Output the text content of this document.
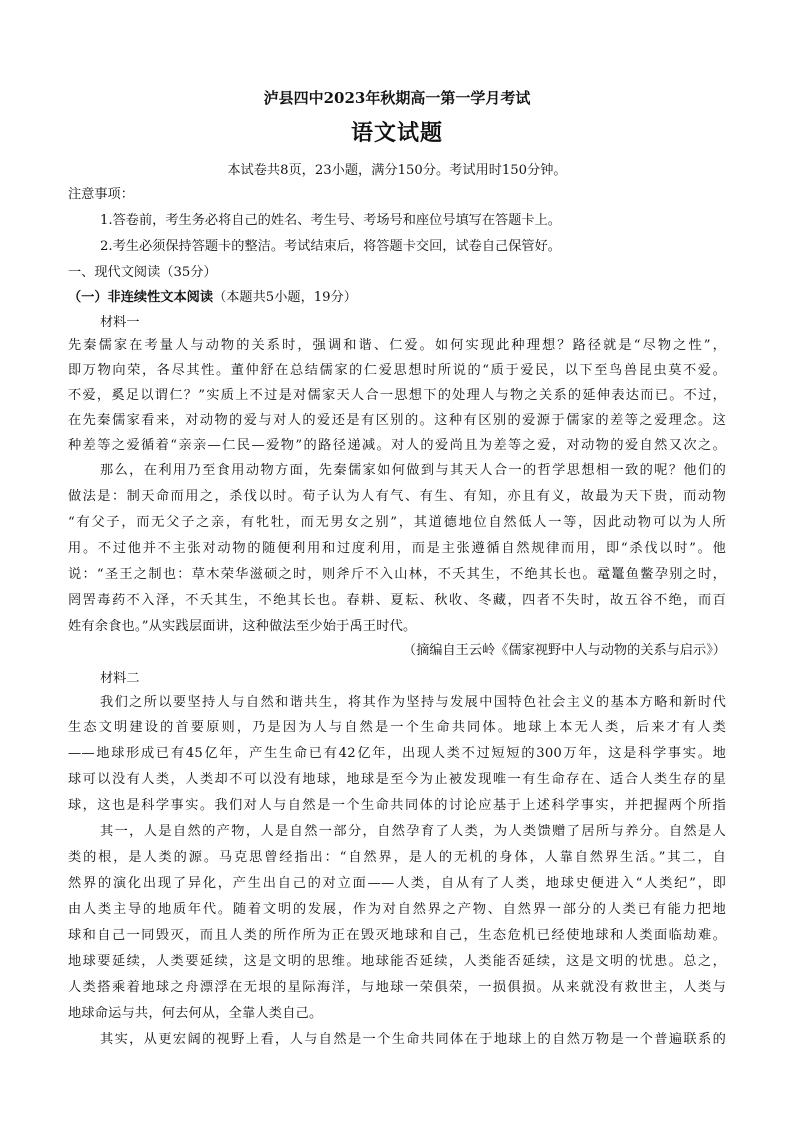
泸县四中2023年秋期高一第一学月考试

语文试题

本试卷共8页，23小题，满分150分。考试用时150分钟。

注意事项：

1.答卷前，考生务必将自己的姓名、考生号、考场号和座位号填写在答题卡上。

2.考生必须保持答题卡的整洁。考试结束后，将答题卡交回，试卷自己保管好。

一、现代文阅读（35分）

（一）非连续性文本阅读（本题共5小题，19分）

材料一

先秦儒家在考量人与动物的关系时，强调和谐、仁爱。如何实现此种理想？路径就是“尽物之性”，

即万物向荣，各尽其性。董仲舒在总结儒家的仁爱思想时所说的“质于爱民，以下至鸟兽昆虫莫不爱。

不爱，奚足以谓仁？”实质上不过是对儒家天人合一思想下的处理人与物之关系的延伸表达而已。不过，

在先秦儒家看来，对动物的爱与对人的爱还是有区别的。这种有区别的爱源于儒家的差等之爱理念。这

种差等之爱循着“亲亲—仁民—爱物”的路径递减。对人的爱尚且为差等之爱，对动物的爱自然又次之。

那么，在利用乃至食用动物方面，先秦儒家如何做到与其天人合一的哲学思想相一致的呢？他们的

做法是：制天命而用之，杀伐以时。荀子认为人有气、有生、有知，亦且有义，故最为天下贵，而动物

“有父子，而无父子之亲，有牝牡，而无男女之别”，其道德地位自然低人一等，因此动物可以为人所

用。不过他并不主张对动物的随便利用和过度利用，而是主张遵循自然规律而用，即“杀伐以时”。他

说：“圣王之制也：草木荣华滋硕之时，则斧斤不入山林，不夭其生，不绝其长也。鼋鼍鱼鳖孕别之时，

罔罟毒药不入泽，不夭其生，不绝其长也。春耕、夏耘、秋收、冬藏，四者不失时，故五谷不绝，而百

姓有余食也。”从实践层面讲，这种做法至少始于禹王时代。

（摘编自王云岭《儒家视野中人与动物的关系与启示》）

材料二

我们之所以要坚持人与自然和谐共生，将其作为坚持与发展中国特色社会主义的基本方略和新时代

生态文明建设的首要原则，乃是因为人与自然是一个生命共同体。地球上本无人类，后来才有人类

——地球形成已有45亿年，产生生命已有42亿年，出现人类不过短短的300万年，这是科学事实。地

球可以没有人类，人类却不可以没有地球，地球是至今为止被发现唯一有生命存在、适合人类生存的星

球，这也是科学事实。我们对人与自然是一个生命共同体的讨论应基于上述科学事实，并把握两个所指

其一，人是自然的产物，人是自然一部分，自然孕育了人类，为人类馈赠了居所与养分。自然是人

类的根，是人类的源。马克思曾经指出：“自然界，是人的无机的身体，人靠自然界生活。”其二，自

然界的演化出现了异化，产生出自己的对立面——人类，自从有了人类，地球史便进入“人类纪”，即

由人类主导的地质年代。随着文明的发展，作为对自然界之产物、自然界一部分的人类已有能力把地

球和自己一同毁灭，而且人类的所作所为正在毁灭地球和自己，生态危机已经使地球和人类面临劫难。

地球要延续，人类要延续，这是文明的思维。地球能否延续，人类能否延续，这是文明的忧患。总之，

人类搭乘着地球之舟漂浮在无垠的星际海洋，与地球一荣俱荣，一损俱损。从来就没有救世主，人类与

地球命运与共，何去何从，全靠人类自己。

其实，从更宏阔的视野上看，人与自然是一个生命共同体在于地球上的自然万物是一个普遍联系的
